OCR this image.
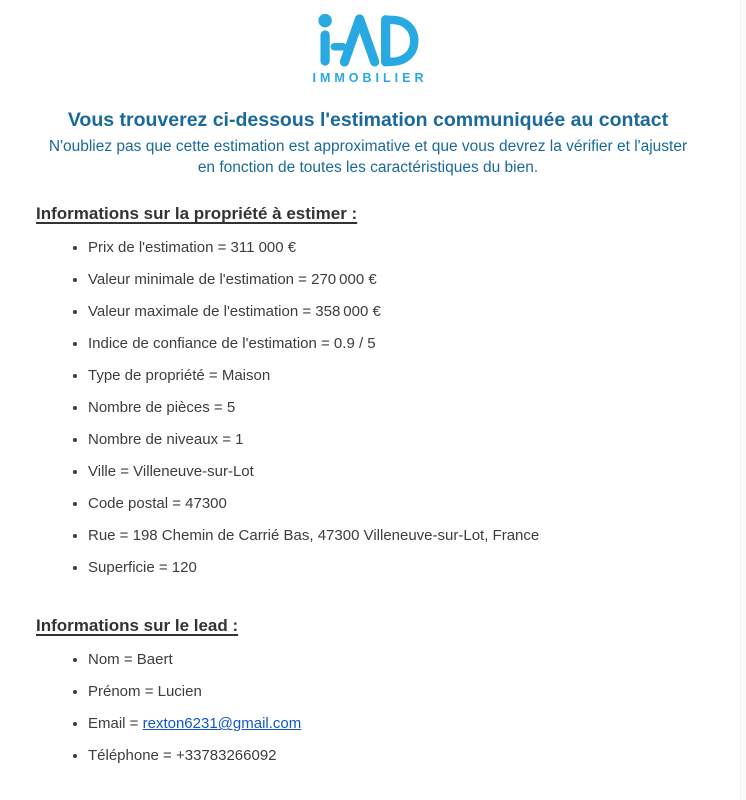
IMMOBILIER
Vous trouverez ci-dessous l'estimation communiquée au contact

N'oubliez pas que cette estimation est approximative et que vous devrez la vérifier et l'ajuster
en fonction de toutes les caractéristiques du bien.

Informations sur la propriété à estimer :
• Prix de l'estimation = 311 000 €
• Valeur minimale de l'estimation = 270 000 €
• Valeur maximale de l'estimation = 358 000 €
• Indice de confiance de l'estimation = 0.9 / 5
• Type de propriété = Maison
• Nombre de pièces = 5
• Nombre de niveaux = 1
• Ville = Villeneuve-sur-Lot
• Code postal = 47300
• Rue = 198 Chemin de Carrié Bas, 47300 Villeneuve-sur-Lot, France
• Superficie = 120
Informations sur le lead :
• Nom = Baert
• Prénom = Lucien
• Email = rexton6231@gmail.com
• Téléphone = +33783266092
